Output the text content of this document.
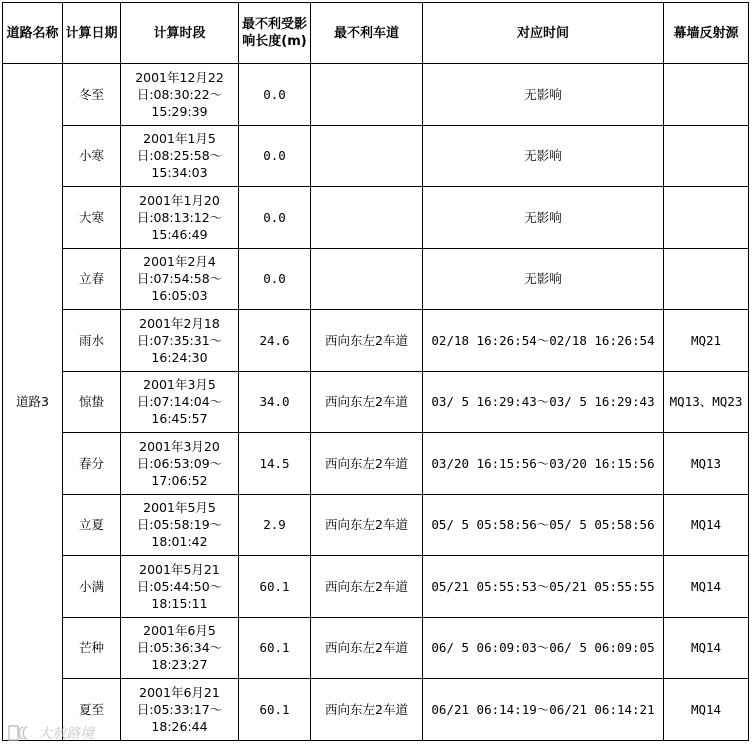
道路名称	计算日期	计算时段	最不利受影响长度(m)	最不利车道	对应时间	幕墙反射源
道路3	冬至	2001年12月22日:08:30:22～15:29:39	0.0		无影响	
	小寒	2001年1月5日:08:25:58～15:34:03	0.0		无影响	
	大寒	2001年1月20日:08:13:12～15:46:49	0.0		无影响	
	立春	2001年2月4日:07:54:58～16:05:03	0.0		无影响	
	雨水	2001年2月18日:07:35:31～16:24:30	24.6	西向东左2车道	02/18 16:26:54～02/18 16:26:54	MQ21
	惊蛰	2001年3月5日:07:14:04～16:45:57	34.0	西向东左2车道	03/ 5 16:29:43～03/ 5 16:29:43	MQ13、MQ23
	春分	2001年3月20日:06:53:09～17:06:52	14.5	西向东左2车道	03/20 16:15:56～03/20 16:15:56	MQ13
	立夏	2001年5月5日:05:58:19～18:01:42	2.9	西向东左2车道	05/ 5 05:58:56～05/ 5 05:58:56	MQ14
	小满	2001年5月21日:05:44:50～18:15:11	60.1	西向东左2车道	05/21 05:55:53～05/21 05:55:55	MQ14
	芒种	2001年6月5日:05:36:34～18:23:27	60.1	西向东左2车道	06/ 5 06:09:03～06/ 5 06:09:05	MQ14
	夏至	2001年6月21日:05:33:17～18:26:44	60.1	西向东左2车道	06/21 06:14:19～06/21 06:14:21	MQ14
大敖路境
